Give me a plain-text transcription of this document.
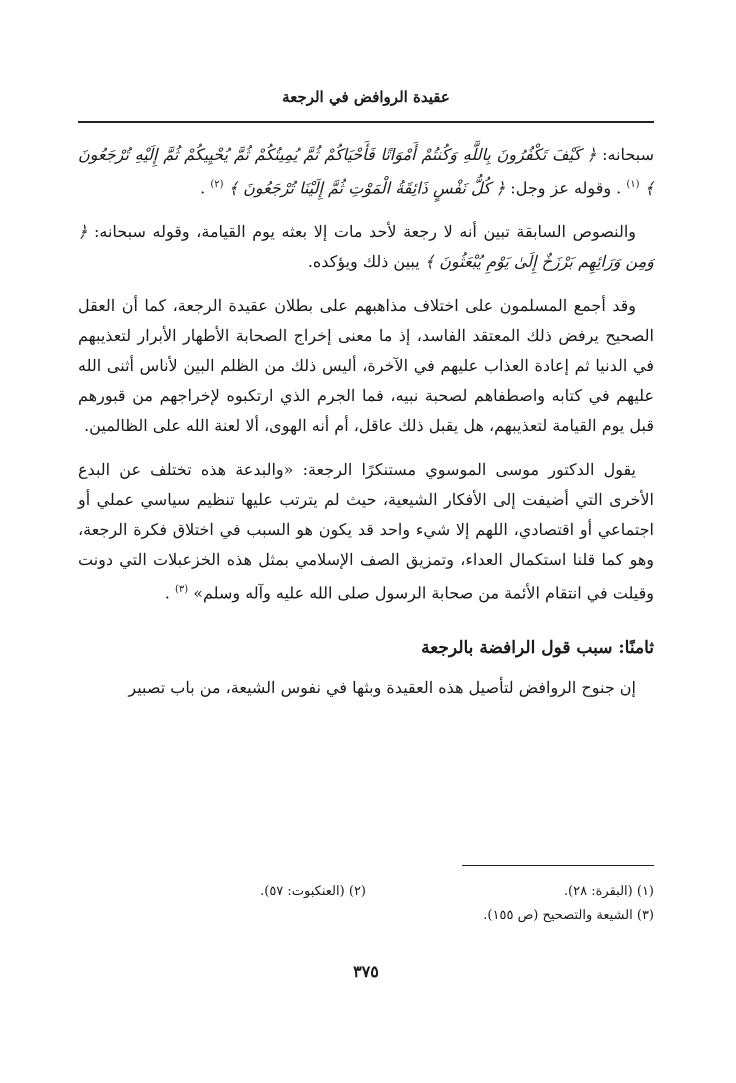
عقيدة الروافض في الرجعة

سبحانه: ﴿ كَيْفَ تَكْفُرُونَ بِاللَّهِ وَكُنتُمْ أَمْوَاتًا فَأَحْيَاكُمْ ثُمَّ يُمِيتُكُمْ ثُمَّ يُحْيِيكُمْ ثُمَّ إِلَيْهِ تُرْجَعُونَ ﴾ $^{(١)}$ . وقوله عز وجل: ﴿ كُلُّ نَفْسٍ ذَائِقَةُ الْمَوْتِ ثُمَّ إِلَيْنَا تُرْجَعُونَ ﴾ $^{(٢)}$ .

والنصوص السابقة تبين أنه لا رجعة لأحد مات إلا بعثه يوم القيامة، وقوله سبحانه: ﴿ وَمِن وَرَائِهِم بَرْزَخٌ إِلَىٰ يَوْمِ يُبْعَثُونَ ﴾ يبين ذلك ويؤكده.

وقد أجمع المسلمون على اختلاف مذاهبهم على بطلان عقيدة الرجعة، كما أن العقل الصحيح يرفض ذلك المعتقد الفاسد، إذ ما معنى إخراج الصحابة الأطهار الأبرار لتعذيبهم في الدنيا ثم إعادة العذاب عليهم في الآخرة، أليس ذلك من الظلم البين لأناس أثنى الله عليهم في كتابه واصطفاهم لصحبة نبيه، فما الجرم الذي ارتكبوه لإخراجهم من قبورهم قبل يوم القيامة لتعذيبهم، هل يقبل ذلك عاقل، أم أنه الهوى، ألا لعنة الله على الظالمين.

يقول الدكتور موسى الموسوي مستنكرًا الرجعة: «والبدعة هذه تختلف عن البدع الأخرى التي أضيفت إلى الأفكار الشيعية، حيث لم يترتب عليها تنظيم سياسي عملي أو اجتماعي أو اقتصادي، اللهم إلا شيء واحد قد يكون هو السبب في اختلاق فكرة الرجعة، وهو كما قلنا استكمال العداء، وتمزيق الصف الإسلامي بمثل هذه الخزعبلات التي دونت وقيلت في انتقام الأئمة من صحابة الرسول صلى الله عليه وآله وسلم» $^{(٣)}$ .

ثامنًا: سبب قول الرافضة بالرجعة

إن جنوح الروافض لتأصيل هذه العقيدة وبثها في نفوس الشيعة، من باب تصبير

(١) (البقرة: ٢٨).
(٢) (العنكبوت: ٥٧).
(٣) الشيعة والتصحيح (ص ١٥٥).
٣٧٥
